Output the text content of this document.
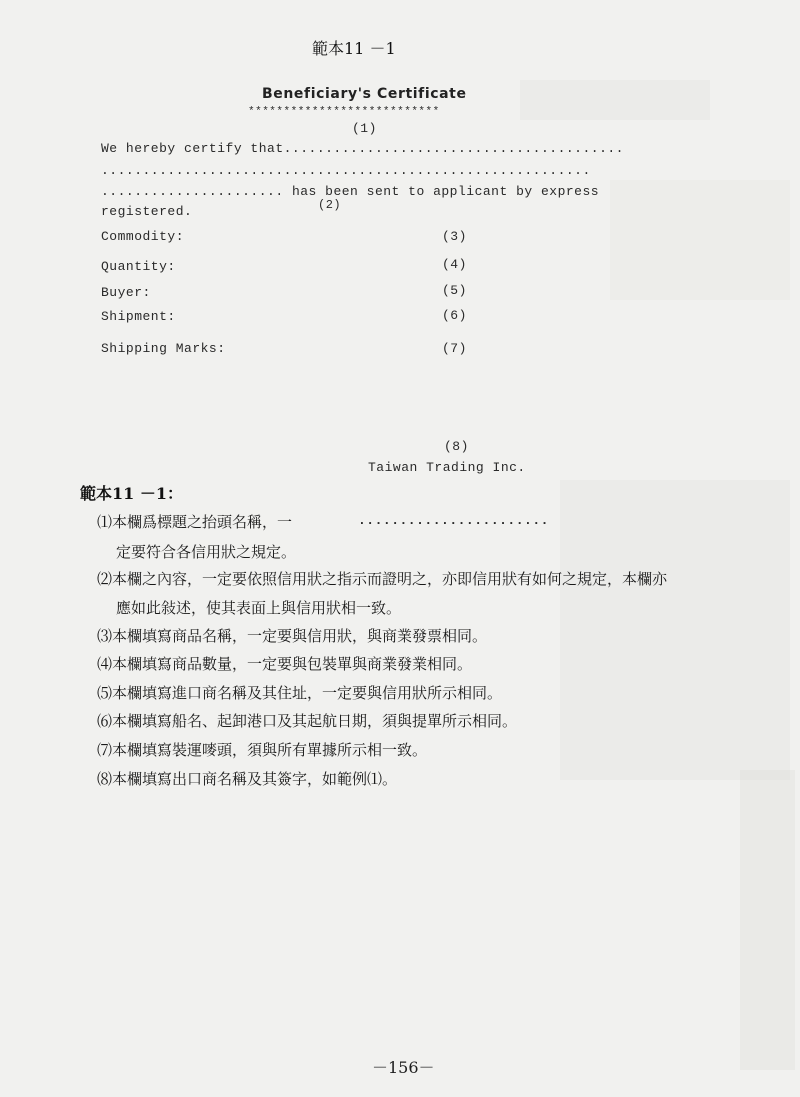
範本11 －1
Beneficiary's Certificate
***************************
(1)
We hereby certify that.........................................
...........................................................
...................... has been sent to applicant by express
(2)
registered.
Commodity:	(3)
Quantity:	(4)
Buyer:	(5)
Shipment:	(6)
Shipping Marks:	(7)
(8)
Taiwan Trading Inc.
範本11 －1：
⑴本欄爲標題之抬頭名稱，一	.......................
定要符合各信用狀之規定。
⑵本欄之內容，一定要依照信用狀之指示而證明之，亦即信用狀有如何之規定，本欄亦
應如此敍述，使其表面上與信用狀相一致。
⑶本欄填寫商品名稱，一定要與信用狀，與商業發票相同。
⑷本欄填寫商品數量，一定要與包裝單與商業發業相同。
⑸本欄填寫進口商名稱及其住址，一定要與信用狀所示相同。
⑹本欄填寫船名、起卸港口及其起航日期，須與提單所示相同。
⑺本欄填寫裝運嘜頭，須與所有單據所示相一致。
⑻本欄填寫出口商名稱及其簽字，如範例⑴。
－156－
